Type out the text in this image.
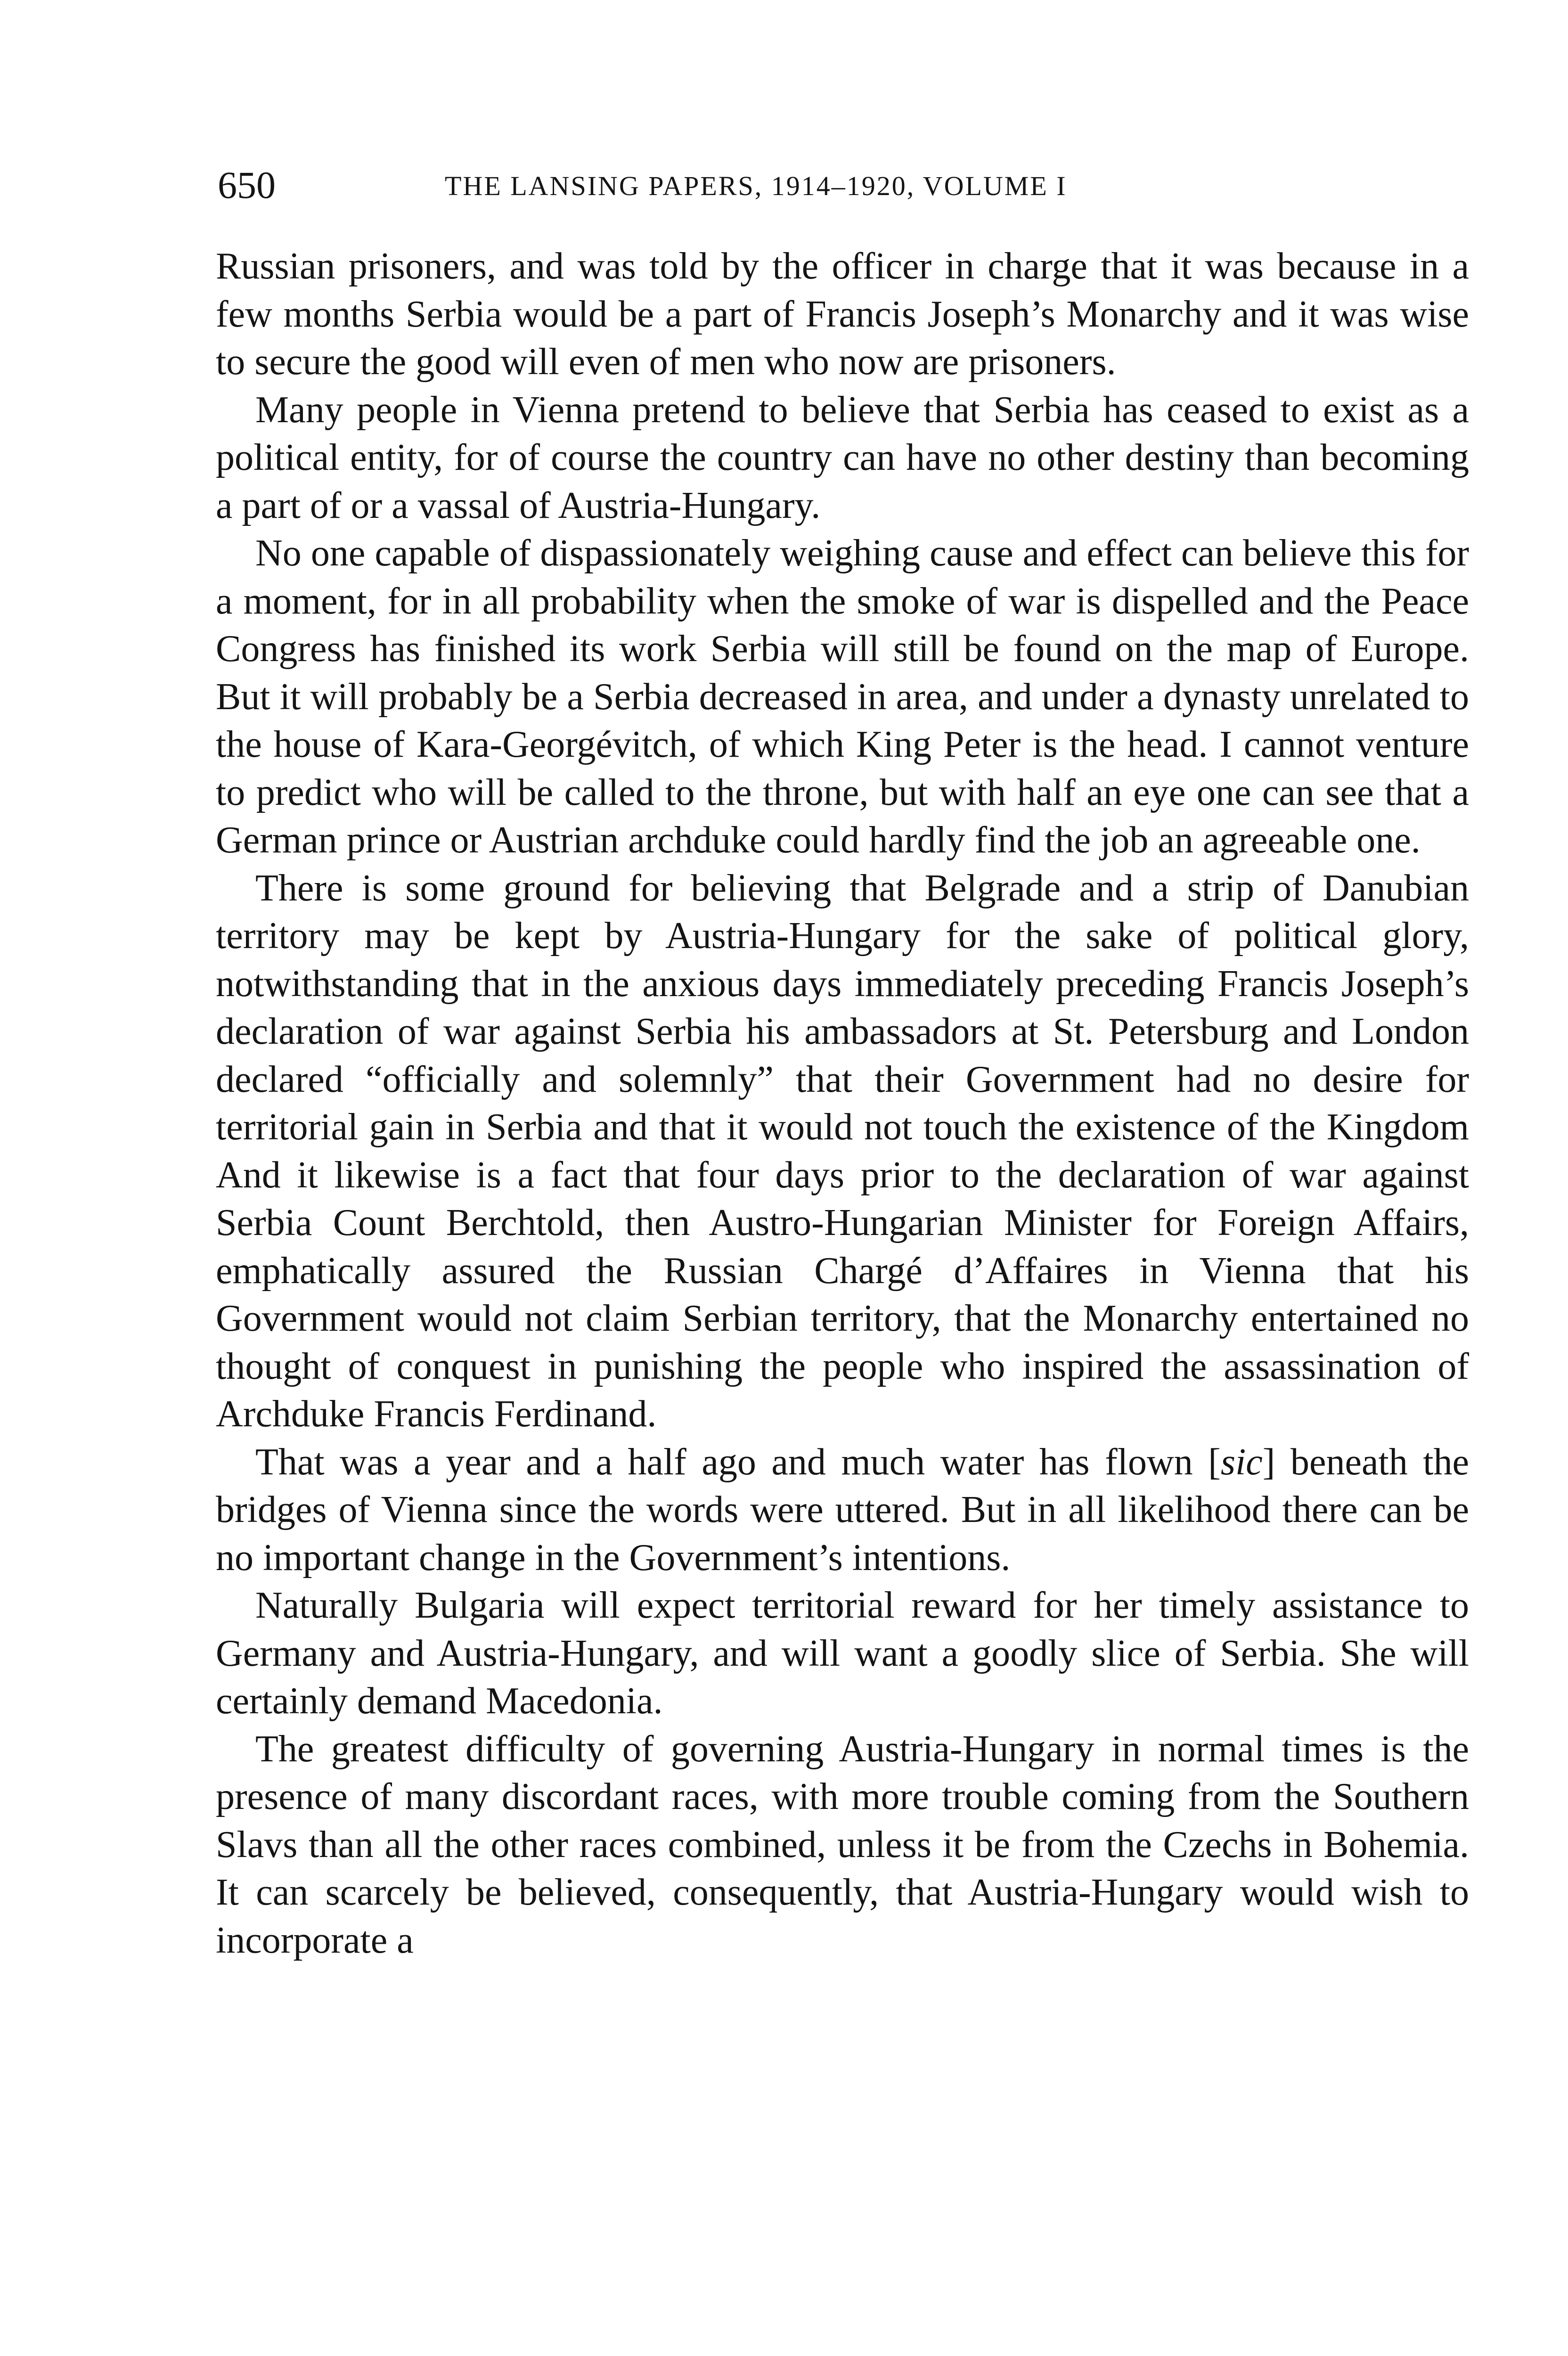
650	THE LANSING PAPERS, 1914–1920, VOLUME I

Russian prisoners, and was told by the officer in charge that it was because in a few months Serbia would be a part of Francis Joseph’s Monarchy and it was wise to secure the good will even of men who now are prisoners.

Many people in Vienna pretend to believe that Serbia has ceased to exist as a political entity, for of course the country can have no other destiny than becoming a part of or a vassal of Austria-Hungary.

No one capable of dispassionately weighing cause and effect can believe this for a moment, for in all probability when the smoke of war is dispelled and the Peace Congress has finished its work Serbia will still be found on the map of Europe. But it will probably be a Serbia decreased in area, and under a dynasty unrelated to the house of Kara-Georgévitch, of which King Peter is the head. I cannot venture to predict who will be called to the throne, but with half an eye one can see that a German prince or Austrian archduke could hardly find the job an agreeable one.

There is some ground for believing that Belgrade and a strip of Danubian territory may be kept by Austria-Hungary for the sake of political glory, notwithstanding that in the anxious days immediately preceding Francis Joseph’s declaration of war against Serbia his ambassadors at St. Petersburg and London declared “officially and solemnly” that their Government had no desire for territorial gain in Serbia and that it would not touch the existence of the Kingdom And it likewise is a fact that four days prior to the declaration of war against Serbia Count Berchtold, then Austro-Hungarian Minister for Foreign Affairs, emphatically assured the Russian Chargé d’Affaires in Vienna that his Government would not claim Serbian territory, that the Monarchy entertained no thought of conquest in punishing the people who inspired the assassination of Archduke Francis Ferdinand.

That was a year and a half ago and much water has flown [sic] beneath the bridges of Vienna since the words were uttered. But in all likelihood there can be no important change in the Government’s intentions.

Naturally Bulgaria will expect territorial reward for her timely assistance to Germany and Austria-Hungary, and will want a goodly slice of Serbia. She will certainly demand Macedonia.

The greatest difficulty of governing Austria-Hungary in normal times is the presence of many discordant races, with more trouble coming from the Southern Slavs than all the other races combined, unless it be from the Czechs in Bohemia. It can scarcely be believed, consequently, that Austria-Hungary would wish to incorporate a
